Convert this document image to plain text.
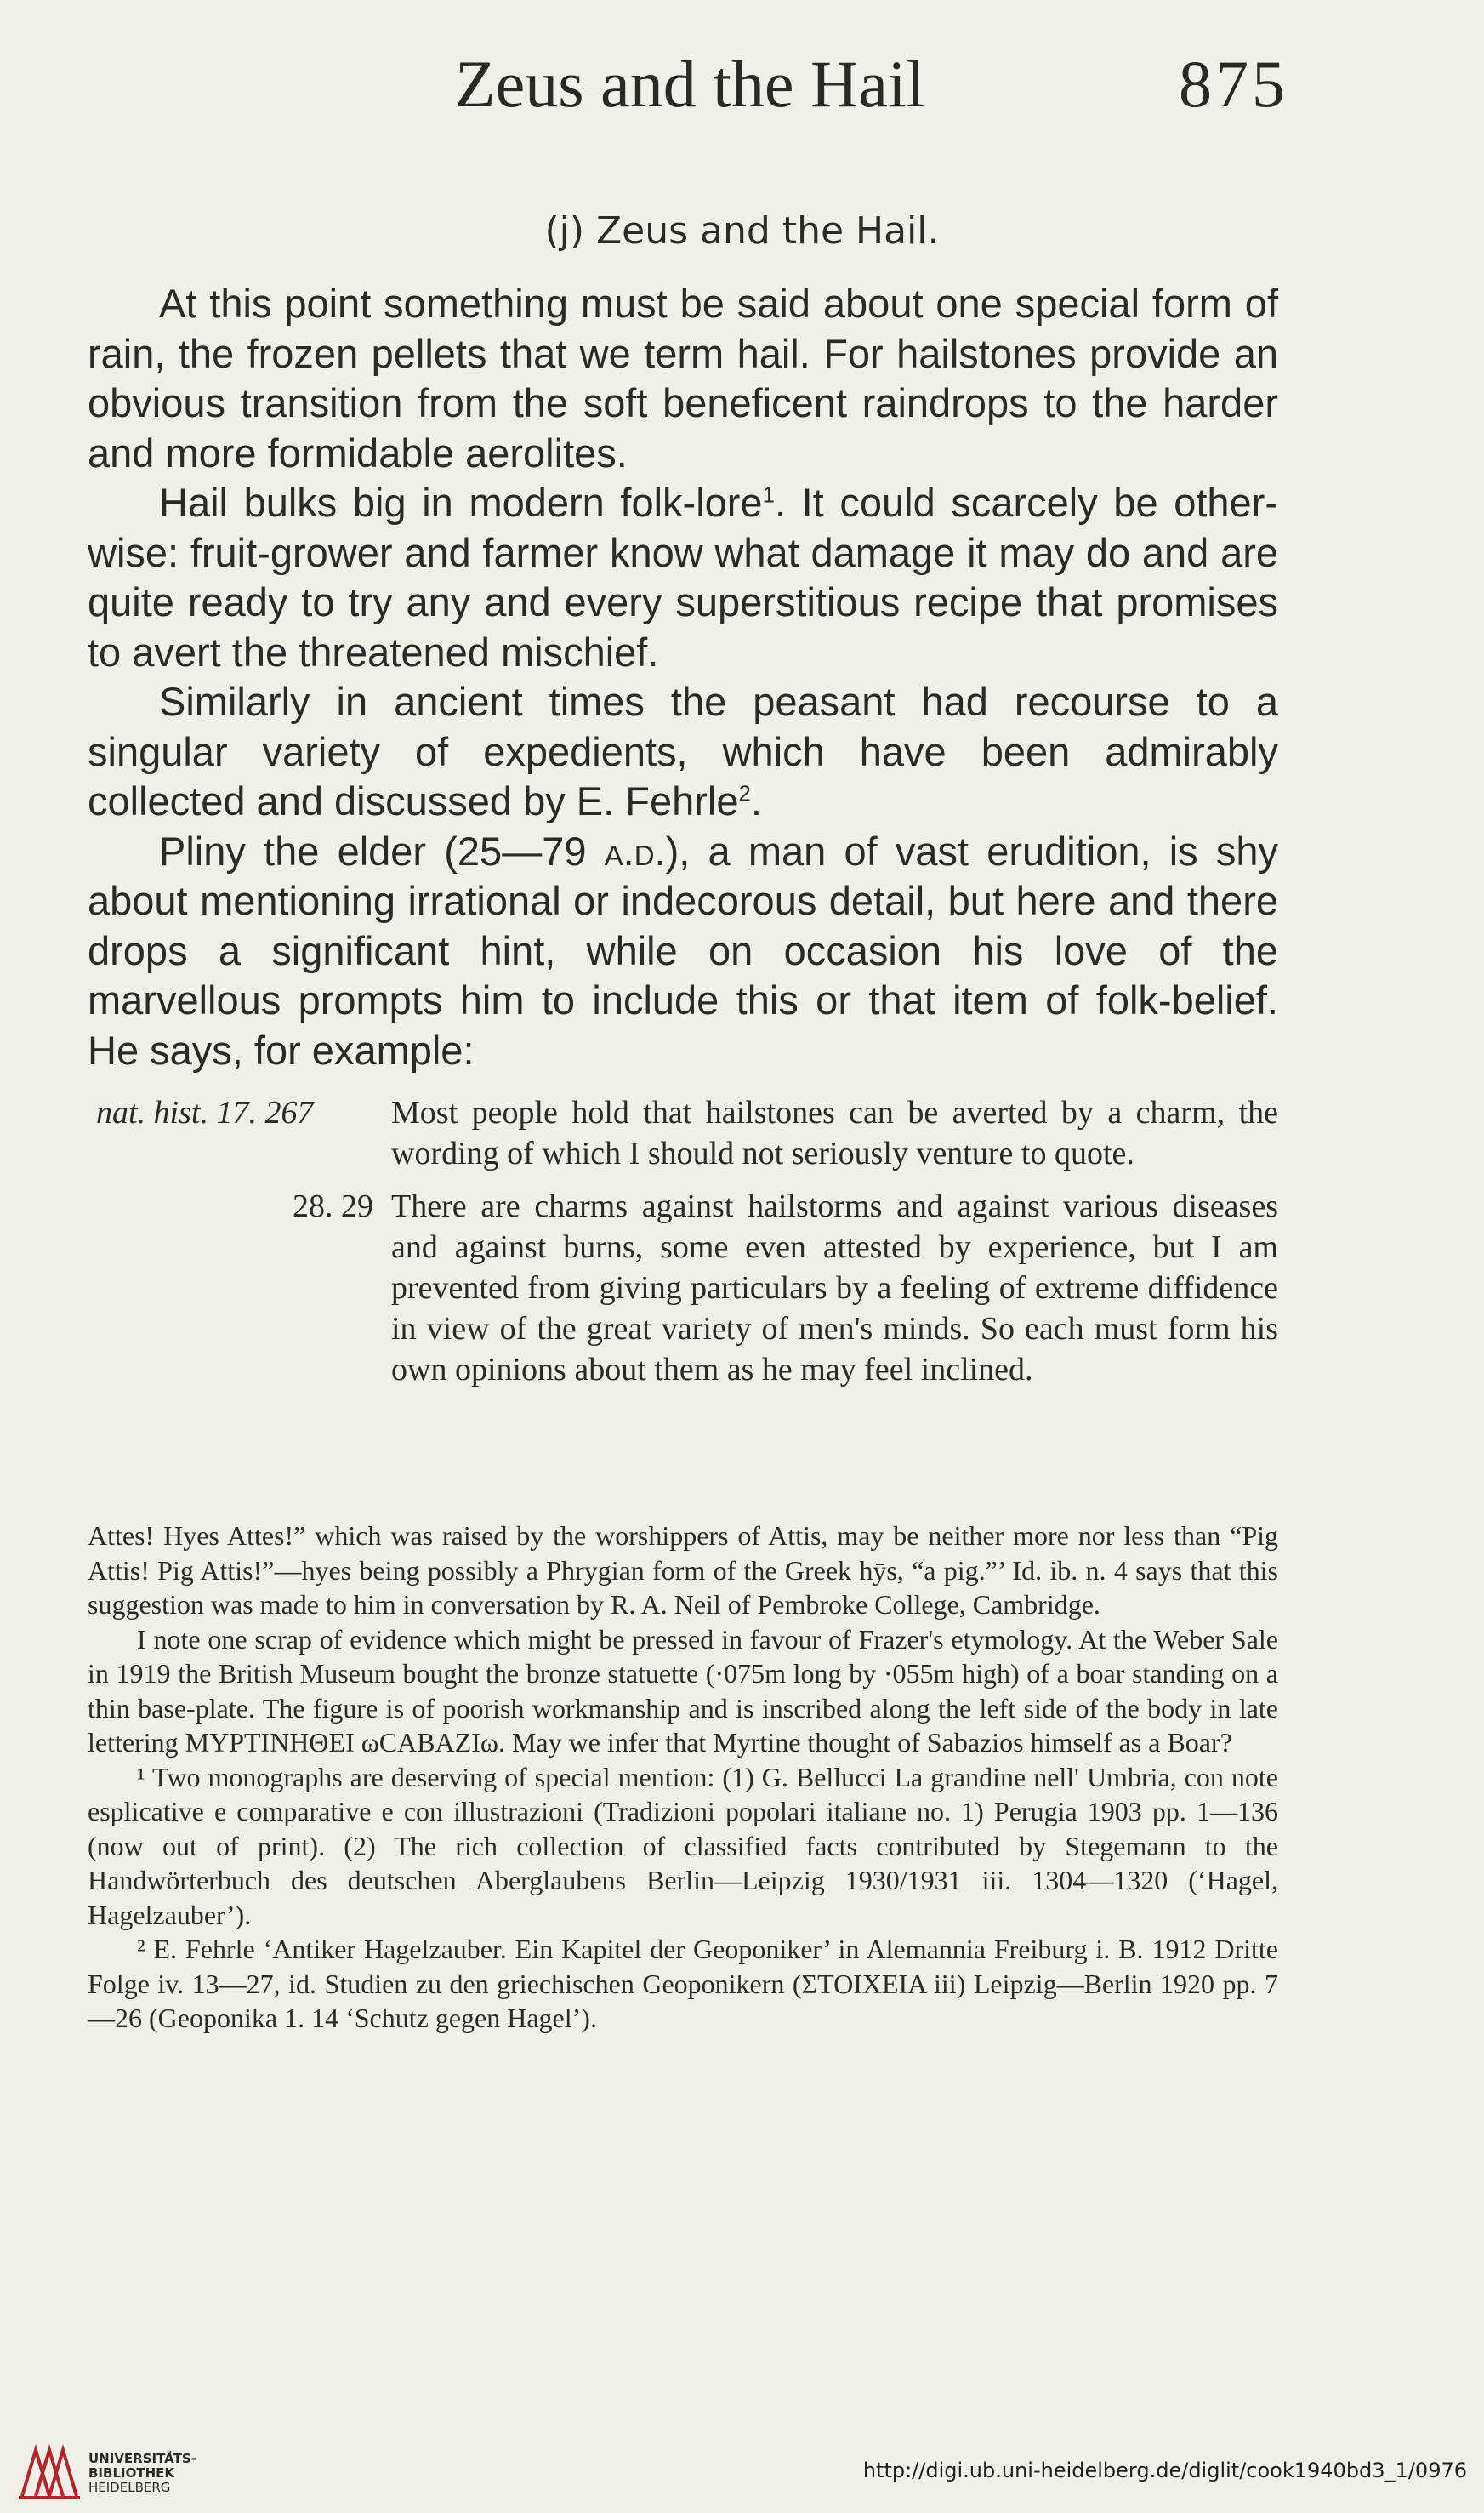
Zeus and the Hail	875
(j) Zeus and the Hail.

At this point something must be said about one special form of rain, the frozen pellets that we term hail. For hailstones provide an obvious transition from the soft beneficent raindrops to the harder and more formidable aerolites.

Hail bulks big in modern folk-lore$^1$. It could scarcely be other- wise: fruit-grower and farmer know what damage it may do and are quite ready to try any and every superstitious recipe that promises to avert the threatened mischief.

Similarly in ancient times the peasant had recourse to a singular variety of expedients, which have been admirably collected and discussed by E. Fehrle$^2$.

Pliny the elder (25—79 a.d.), a man of vast erudition, is shy about mentioning irrational or indecorous detail, but here and there drops a significant hint, while on occasion his love of the marvellous prompts him to include this or that item of folk-belief. He says, for example:

nat. hist. 17. 267	Most people hold that hailstones can be averted by a charm, the wording of which I should not seriously venture to quote.
28. 29 There are charms against hailstorms and against various diseases and against burns, some even attested by experience, but I am prevented from giving particulars by a feeling of extreme diffidence in view of the great variety of men's minds. So each must form his own opinions about them as he may feel inclined.

Attes! Hyes Attes!” which was raised by the worshippers of Attis, may be neither more nor less than “Pig Attis! Pig Attis!”—hyes being possibly a Phrygian form of the Greek hȳs, “a pig.”’ Id. ib. n. 4 says that this suggestion was made to him in conversation by R. A. Neil of Pembroke College, Cambridge.

I note one scrap of evidence which might be pressed in favour of Frazer's etymology. At the Weber Sale in 1919 the British Museum bought the bronze statuette (·075m long by ·055m high) of a boar standing on a thin base-plate. The figure is of poorish workmanship and is inscribed along the left side of the body in late lettering ΜΥΡΤΙΝΗΘΕΙ ωCABAZIω. May we infer that Myrtine thought of Sabazios himself as a Boar?

¹ Two monographs are deserving of special mention: (1) G. Bellucci La grandine nell' Umbria, con note esplicative e comparative e con illustrazioni (Tradizioni popolari italiane no. 1) Perugia 1903 pp. 1—136 (now out of print). (2) The rich collection of classified facts contributed by Stegemann to the Handwörterbuch des deutschen Aberglaubens Berlin—Leipzig 1930/1931 iii. 1304—1320 (‘Hagel, Hagelzauber’).

² E. Fehrle ‘Antiker Hagelzauber. Ein Kapitel der Geoponiker’ in Alemannia Freiburg i. B. 1912 Dritte Folge iv. 13—27, id. Studien zu den griechischen Geoponikern (ΣΤΟΙΧΕΙΑ iii) Leipzig—Berlin 1920 pp. 7—26 (Geoponika 1. 14 ‘Schutz gegen Hagel’).

UNIVERSITÄTS-
BIBLIOTHEK
HEIDELBERG
http://digi.ub.uni-heidelberg.de/diglit/cook1940bd3_1/0976
